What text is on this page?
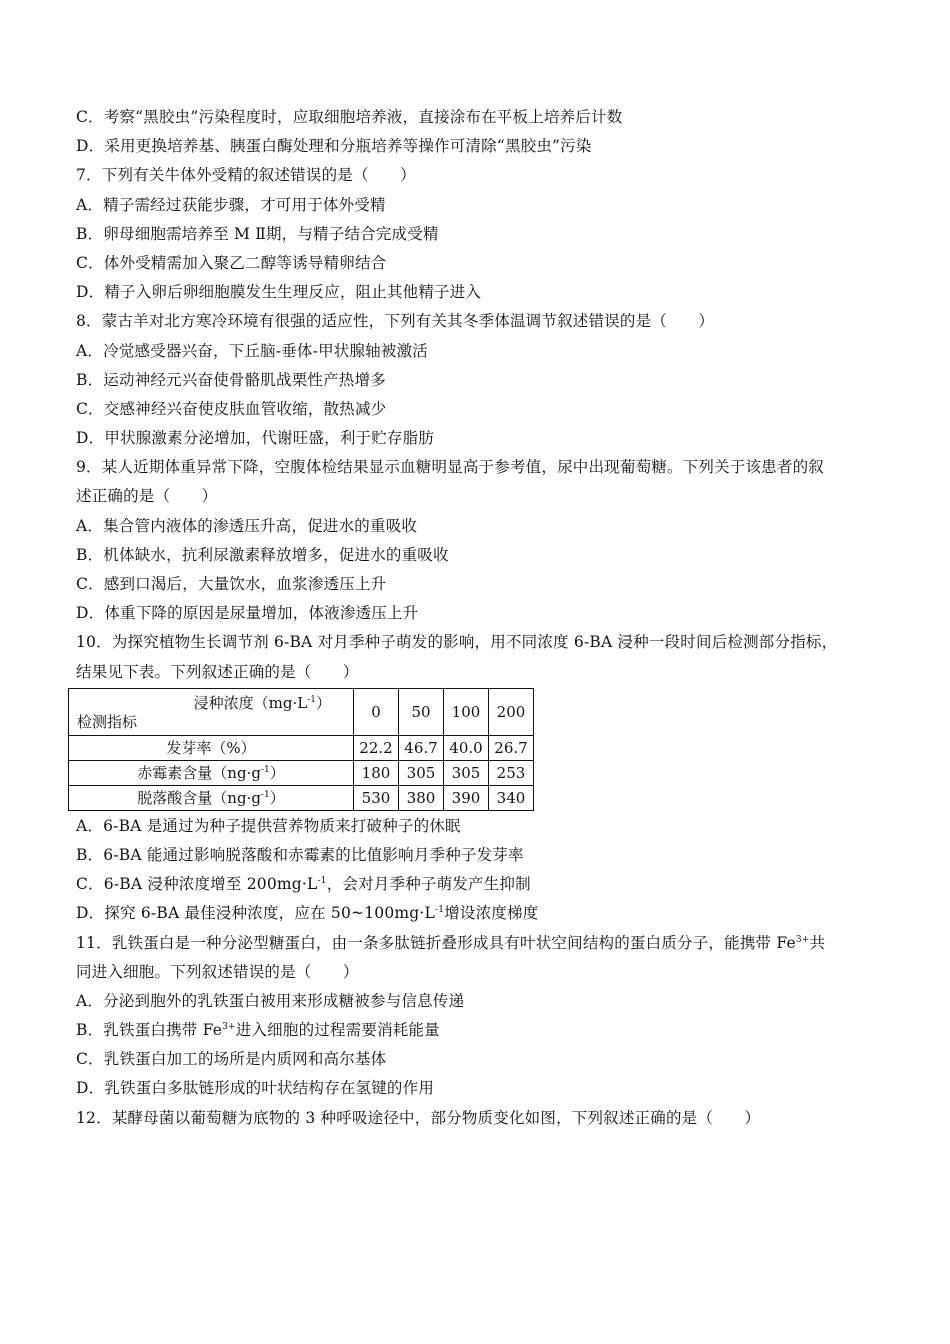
C．考察“黑胶虫”污染程度时，应取细胞培养液，直接涂布在平板上培养后计数
D．采用更换培养基、胰蛋白酶处理和分瓶培养等操作可清除“黑胶虫”污染
7．下列有关牛体外受精的叙述错误的是（　　）
A．精子需经过获能步骤，才可用于体外受精
B．卵母细胞需培养至 M Ⅱ期，与精子结合完成受精
C．体外受精需加入聚乙二醇等诱导精卵结合
D．精子入卵后卵细胞膜发生生理反应，阻止其他精子进入
8．蒙古羊对北方寒冷环境有很强的适应性，下列有关其冬季体温调节叙述错误的是（　　）
A．冷觉感受器兴奋，下丘脑-垂体-甲状腺轴被激活
B．运动神经元兴奋使骨骼肌战栗性产热增多
C．交感神经兴奋使皮肤血管收缩，散热减少
D．甲状腺激素分泌增加，代谢旺盛，利于贮存脂肪
9．某人近期体重异常下降，空腹体检结果显示血糖明显高于参考值，尿中出现葡萄糖。下列关于该患者的叙
述正确的是（　　）
A．集合管内液体的渗透压升高，促进水的重吸收
B．机体缺水，抗利尿激素释放增多，促进水的重吸收
C．感到口渴后，大量饮水，血浆渗透压上升
D．体重下降的原因是尿量增加，体液渗透压上升
10．为探究植物生长调节剂 6-BA 对月季种子萌发的影响，用不同浓度 6-BA 浸种一段时间后检测部分指标，
结果见下表。下列叙述正确的是（　　）
浸种浓度$(mg\cdot L^{-1})$
检测指标	0	50	100	200
发芽率（%）	22.2	46.7	40.0	26.7
赤霉素含量$(ng\cdot g^{-1})$	180	305	305	253
脱落酸含量$(ng\cdot g^{-1})$	530	380	390	340
A．6-BA 是通过为种子提供营养物质来打破种子的休眠
B．6-BA 能通过影响脱落酸和赤霉素的比值影响月季种子发芽率
C．6-BA 浸种浓度增至 $200mg\cdot L^{-1}$，会对月季种子萌发产生抑制
D．探究 6-BA 最佳浸种浓度，应在 $50\sim 100mg\cdot L^{-1}$增设浓度梯度
11．乳铁蛋白是一种分泌型糖蛋白，由一条多肽链折叠形成具有叶状空间结构的蛋白质分子，能携带 $Fe^{3+}$共
同进入细胞。下列叙述错误的是（　　）
A．分泌到胞外的乳铁蛋白被用来形成糖被参与信息传递
B．乳铁蛋白携带 $Fe^{3+}$进入细胞的过程需要消耗能量
C．乳铁蛋白加工的场所是内质网和高尔基体
D．乳铁蛋白多肽链形成的叶状结构存在氢键的作用
12．某酵母菌以葡萄糖为底物的 3 种呼吸途径中，部分物质变化如图，下列叙述正确的是（　　）
